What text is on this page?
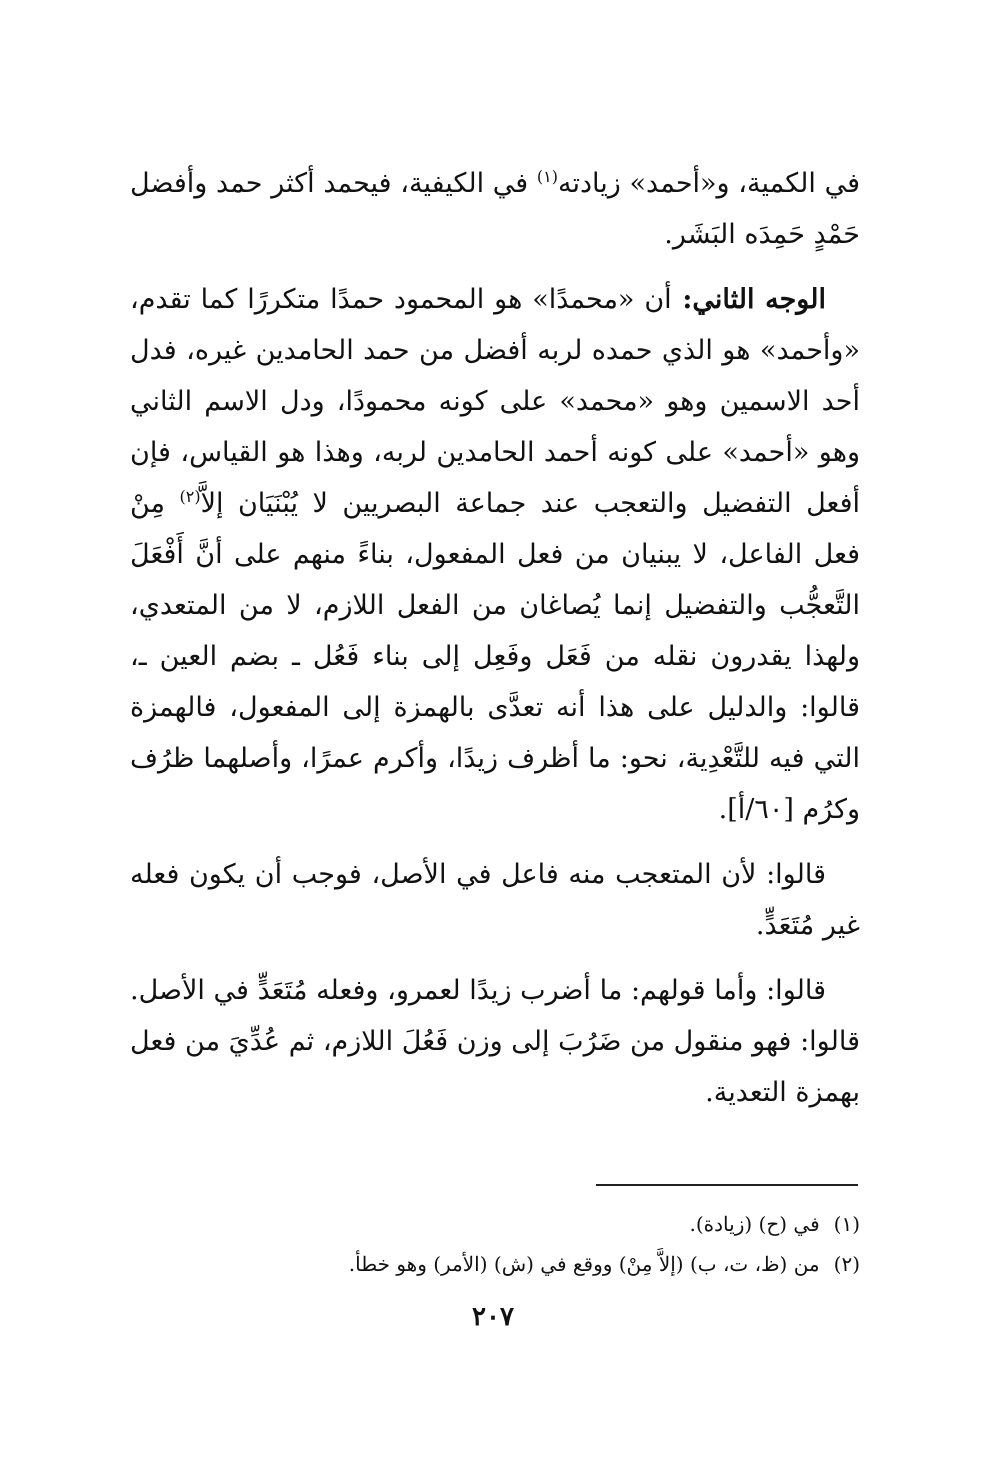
في الكمية، و«أحمد» زيادته$^{(١)}$ في الكيفية، فيحمد أكثر حمد وأفضل حَمْدٍ حَمِدَه البَشَر.

الوجه الثاني: أن «محمدًا» هو المحمود حمدًا متكررًا كما تقدم، «وأحمد» هو الذي حمده لربه أفضل من حمد الحامدين غيره، فدل أحد الاسمين وهو «محمد» على كونه محمودًا، ودل الاسم الثاني وهو «أحمد» على كونه أحمد الحامدين لربه، وهذا هو القياس، فإن أفعل التفضيل والتعجب عند جماعة البصريين لا يُبْنَيَان إلاَّ$^{(٢)}$ مِنْ فعل الفاعل، لا يبنيان من فعل المفعول، بناءً منهم على أنَّ أَفْعَلَ التَّعجُّب والتفضيل إنما يُصاغان من الفعل اللازم، لا من المتعدي، ولهذا يقدرون نقله من فَعَل وفَعِل إلى بناء فَعُل ـ بضم العين ـ، قالوا: والدليل على هذا أنه تعدَّى بالهمزة إلى المفعول، فالهمزة التي فيه للتَّعْدِية، نحو: ما أظرف زيدًا، وأكرم عمرًا، وأصلهما ظرُف وكرُم [٦٠/أ].

قالوا: لأن المتعجب منه فاعل في الأصل، فوجب أن يكون فعله غير مُتَعَدٍّ.

قالوا: وأما قولهم: ما أضرب زيدًا لعمرو، وفعله مُتَعَدٍّ في الأصل. قالوا: فهو منقول من ضَرُبَ إلى وزن فَعُلَ اللازم، ثم عُدِّيَ من فعل بهمزة التعدية.

(١) في (ح) (زيادة).

(٢) من (ظ، ت، ب) (إلاَّ مِنْ) ووقع في (ش) (الأمر) وهو خطأ.

٢٠٧
